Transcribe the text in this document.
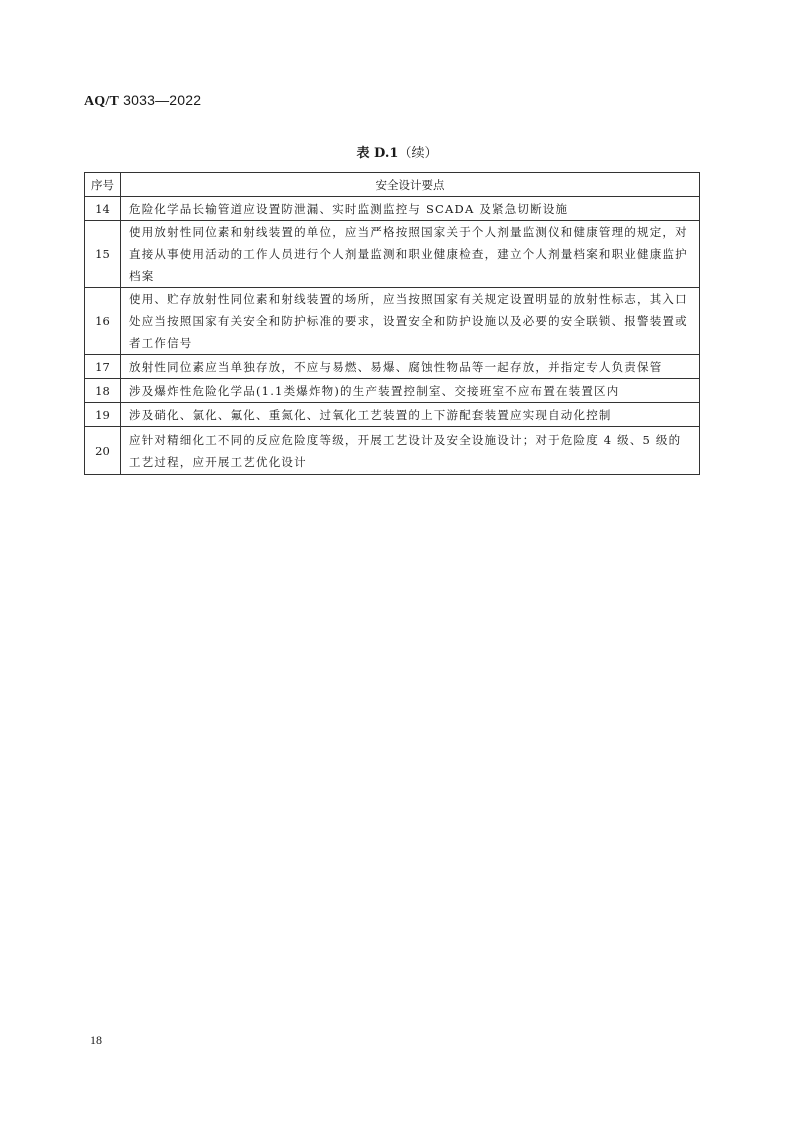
AQ/T 3033—2022
表 D.1（续）
序号	安全设计要点
14	危险化学品长输管道应设置防泄漏、实时监测监控与 SCADA 及紧急切断设施
15	使用放射性同位素和射线装置的单位，应当严格按照国家关于个人剂量监测仪和健康管理的规定，对直接从事使用活动的工作人员进行个人剂量监测和职业健康检查，建立个人剂量档案和职业健康监护档案
16	使用、贮存放射性同位素和射线装置的场所，应当按照国家有关规定设置明显的放射性标志，其入口处应当按照国家有关安全和防护标准的要求，设置安全和防护设施以及必要的安全联锁、报警装置或者工作信号
17	放射性同位素应当单独存放，不应与易燃、易爆、腐蚀性物品等一起存放，并指定专人负责保管
18	涉及爆炸性危险化学品(1.1类爆炸物)的生产装置控制室、交接班室不应布置在装置区内
19	涉及硝化、氯化、氟化、重氮化、过氧化工艺装置的上下游配套装置应实现自动化控制
20	应针对精细化工不同的反应危险度等级，开展工艺设计及安全设施设计；对于危险度 4 级、5 级的工艺过程，应开展工艺优化设计
18
